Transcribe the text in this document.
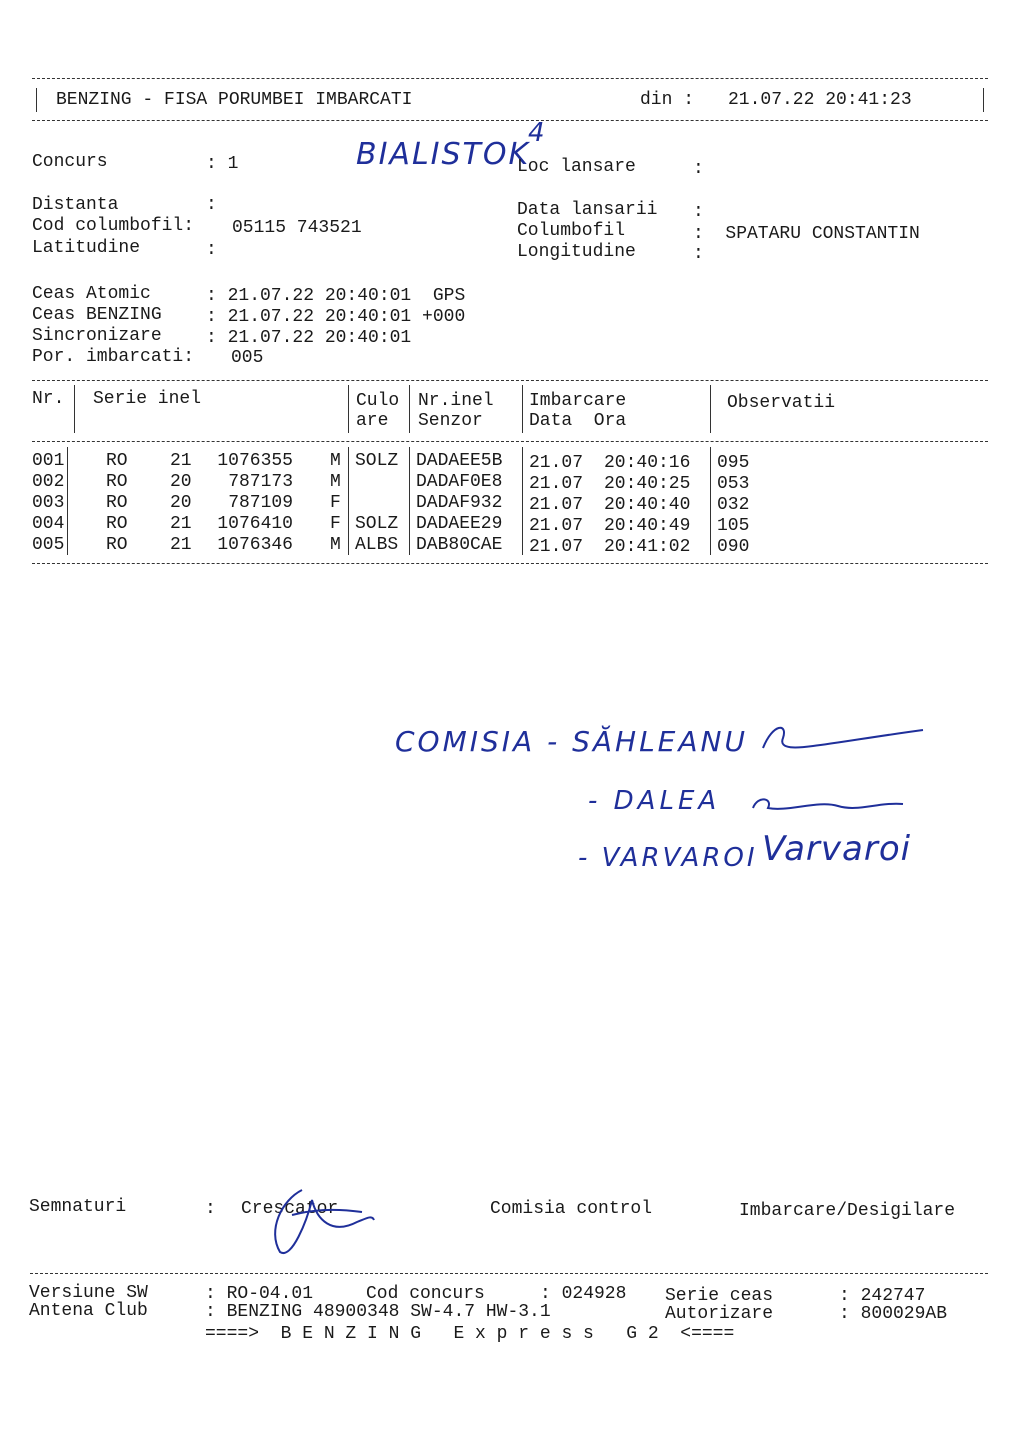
BENZING - FISA PORUMBEI IMBARCATI	din : 21.07.22 20:41:23
Concurs	: 1	BIALISTOK
4
Loc lansare	:
Distanta	:
Cod columbofil: 05115 743521
Latitudine	:
Data lansarii :
Columbofil	:  SPATARU CONSTANTIN
Longitudine	:
Ceas Atomic	: 21.07.22 20:40:01  GPS
Ceas BENZING : 21.07.22 20:40:01 +000
Sincronizare : 21.07.22 20:40:01
Por. imbarcati: 005
Nr. Serie inel	Culo
are
Nr.inel
Senzor
Imbarcare
Data  Ora
Observatii
001 RO 21 1076355 M SOLZ DADAEE5B 21.07 20:40:16 095
002 RO 20 787173 M	DADAF0E8 21.07 20:40:25 053
003 RO 20 787109 F	DADAF932 21.07 20:40:40 032
004 RO 21 1076410 F SOLZ DADAEE29 21.07 20:40:49 105
005 RO 21 1076346 M ALBS DAB80CAE 21.07 20:41:02 090
COMISIA - SĂHLEANU
- DALEA
- VARVAROI Varvaroi
Semnaturi	: Crescator	Comisia control	Imbarcare/Desigilare
Versiune SW	: RO-04.01	Cod concurs	: 024928 Serie ceas	: 242747
Antena Club	: BENZING 48900348 SW-4.7 HW-3.1	Autorizare	: 800029AB
====>  B E N Z I N G   E x p r e s s   G 2  <====
